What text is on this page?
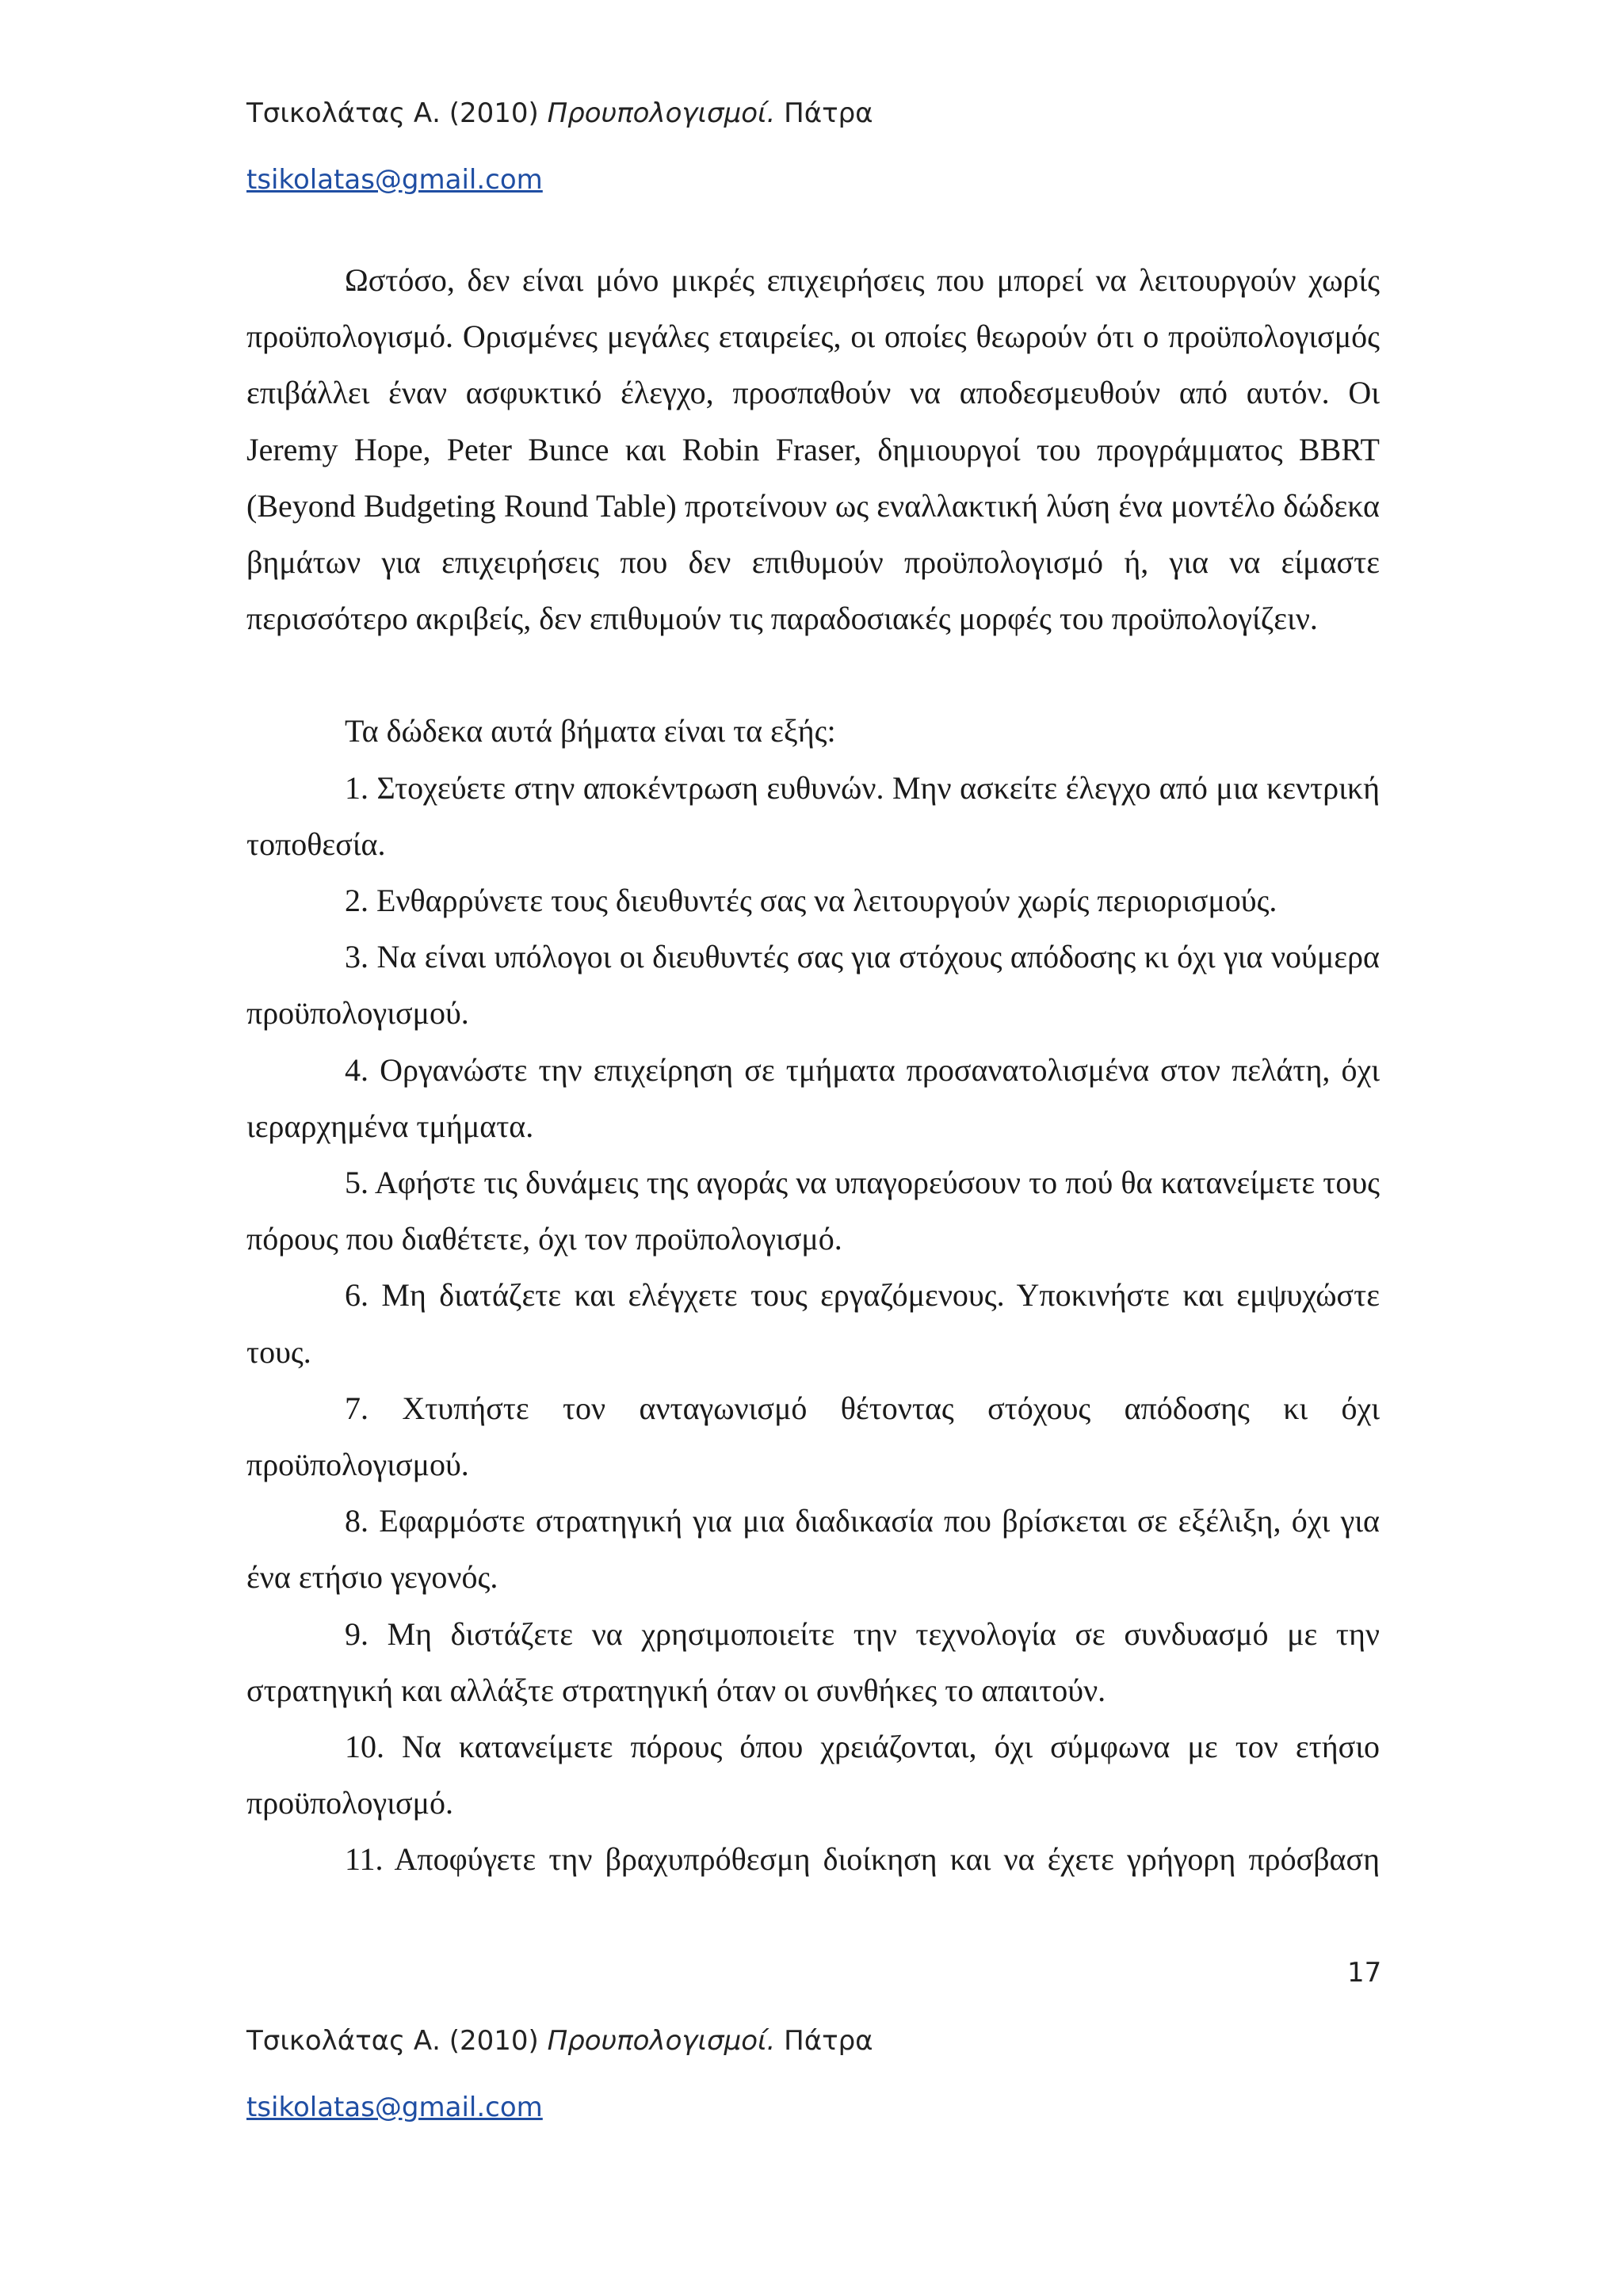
Τσικολάτας Α. (2010) Προυπολογισμοί. Πάτρα
tsikolatas@gmail.com

Ωστόσο, δεν είναι μόνο μικρές επιχειρήσεις που μπορεί να λειτουργούν χωρίς προϋπολογισμό. Ορισμένες μεγάλες εταιρείες, οι οποίες θεωρούν ότι ο προϋπολογισμός επιβάλλει έναν ασφυκτικό έλεγχο, προσπαθούν να αποδεσμευθούν από αυτόν. Οι Jeremy Hope, Peter Bunce και Robin Fraser, δημιουργοί του προγράμματος BBRT (Beyond Budgeting Round Table) προτείνουν ως εναλλακτική λύση ένα μοντέλο δώδεκα βημάτων για επιχειρήσεις που δεν επιθυμούν προϋπολογισμό ή, για να είμαστε περισσότερο ακριβείς, δεν επιθυμούν τις παραδοσιακές μορφές του προϋπολογίζειν.

Τα δώδεκα αυτά βήματα είναι τα εξής:

1. Στοχεύετε στην αποκέντρωση ευθυνών. Μην ασκείτε έλεγχο από μια κεντρική τοποθεσία.

2. Ενθαρρύνετε τους διευθυντές σας να λειτουργούν χωρίς περιορισμούς.

3. Να είναι υπόλογοι οι διευθυντές σας για στόχους απόδοσης κι όχι για νούμερα προϋπολογισμού.

4. Οργανώστε την επιχείρηση σε τμήματα προσανατολισμένα στον πελάτη, όχι ιεραρχημένα τμήματα.

5. Αφήστε τις δυνάμεις της αγοράς να υπαγορεύσουν το πού θα κατανείμετε τους πόρους που διαθέτετε, όχι τον προϋπολογισμό.

6. Μη διατάζετε και ελέγχετε τους εργαζόμενους. Υποκινήστε και εμψυχώστε τους.

7. Χτυπήστε τον ανταγωνισμό θέτοντας στόχους απόδοσης κι όχι προϋπολογισμού.

8. Εφαρμόστε στρατηγική για μια διαδικασία που βρίσκεται σε εξέλιξη, όχι για ένα ετήσιο γεγονός.

9. Μη διστάζετε να χρησιμοποιείτε την τεχνολογία σε συνδυασμό με την στρατηγική και αλλάξτε στρατηγική όταν οι συνθήκες το απαιτούν.

10. Να κατανείμετε πόρους όπου χρειάζονται, όχι σύμφωνα με τον ετήσιο προϋπολογισμό.

11. Αποφύγετε την βραχυπρόθεσμη διοίκηση και να έχετε γρήγορη πρόσβαση

17
Τσικολάτας Α. (2010) Προυπολογισμοί. Πάτρα
tsikolatas@gmail.com
